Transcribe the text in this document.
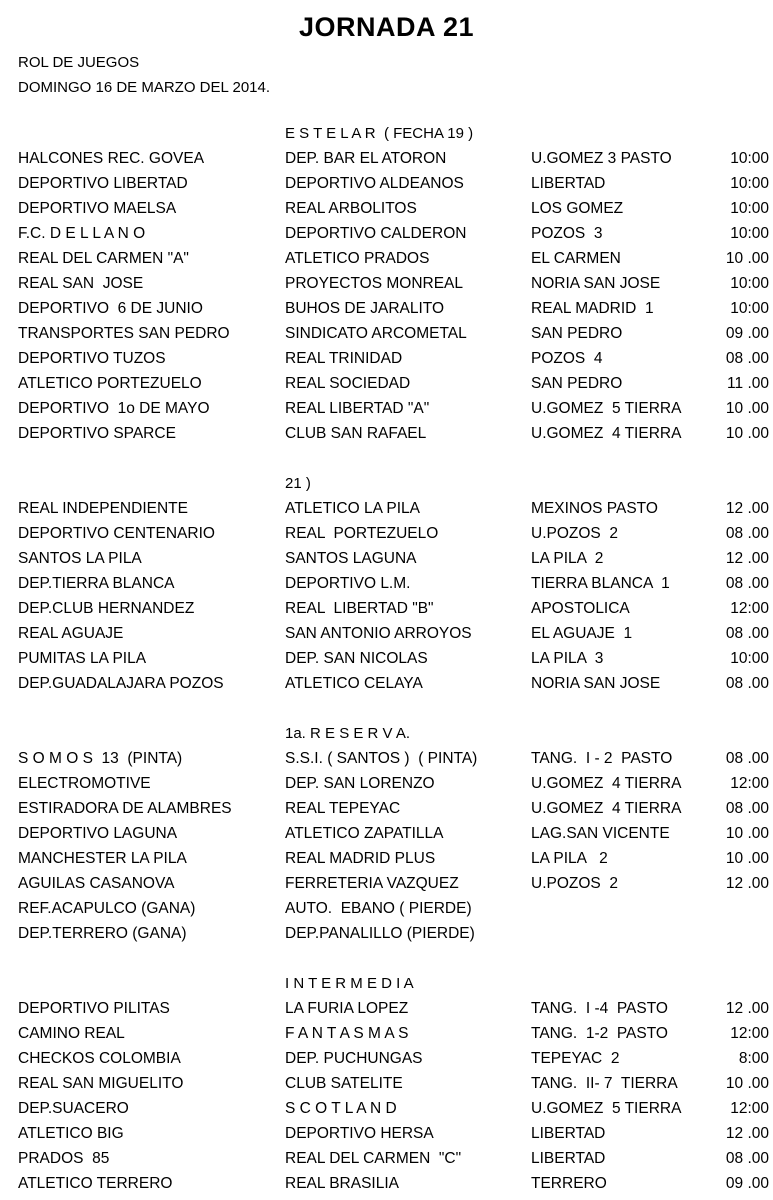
JORNADA 21
ROL DE JUEGOS
DOMINGO 16 DE MARZO DEL 2014.
E S T E L A R  ( FECHA 19 )
HALCONES REC. GOVEA	DEP. BAR EL ATORON	U.GOMEZ 3 PASTO	10:00
DEPORTIVO LIBERTAD	DEPORTIVO ALDEANOS	LIBERTAD	10:00
DEPORTIVO MAELSA	REAL ARBOLITOS	LOS GOMEZ	10:00
F.C. D E L L A N O	DEPORTIVO CALDERON	POZOS  3	10:00
REAL DEL CARMEN "A"	ATLETICO PRADOS	EL CARMEN	10 .00
REAL SAN  JOSE	PROYECTOS MONREAL	NORIA SAN JOSE	10:00
DEPORTIVO  6 DE JUNIO	BUHOS DE JARALITO	REAL MADRID  1	10:00
TRANSPORTES SAN PEDRO	SINDICATO ARCOMETAL	SAN PEDRO	09 .00
DEPORTIVO TUZOS	REAL TRINIDAD	POZOS  4	08 .00
ATLETICO PORTEZUELO	REAL SOCIEDAD	SAN PEDRO	11 .00
DEPORTIVO  1o DE MAYO	REAL LIBERTAD "A"	U.GOMEZ  5 TIERRA	10 .00
DEPORTIVO SPARCE	CLUB SAN RAFAEL	U.GOMEZ  4 TIERRA	10 .00
21 )
REAL INDEPENDIENTE	ATLETICO LA PILA	MEXINOS PASTO	12 .00
DEPORTIVO CENTENARIO	REAL  PORTEZUELO	U.POZOS  2	08 .00
SANTOS LA PILA	SANTOS LAGUNA	LA PILA  2	12 .00
DEP.TIERRA BLANCA	DEPORTIVO L.M.	TIERRA BLANCA  1	08 .00
DEP.CLUB HERNANDEZ	REAL  LIBERTAD "B"	APOSTOLICA	12:00
REAL AGUAJE	SAN ANTONIO ARROYOS	EL AGUAJE  1	08 .00
PUMITAS LA PILA	DEP. SAN NICOLAS	LA PILA  3	10:00
DEP.GUADALAJARA POZOS	ATLETICO CELAYA	NORIA SAN JOSE	08 .00
1a. R E S E R V A.
S O M O S  13  (PINTA)	S.S.I. ( SANTOS )  ( PINTA)	TANG.  I - 2  PASTO	08 .00
ELECTROMOTIVE	DEP. SAN LORENZO	U.GOMEZ  4 TIERRA	12:00
ESTIRADORA DE ALAMBRES	REAL TEPEYAC	U.GOMEZ  4 TIERRA	08 .00
DEPORTIVO LAGUNA	ATLETICO ZAPATILLA	LAG.SAN VICENTE	10 .00
MANCHESTER LA PILA	REAL MADRID PLUS	LA PILA   2	10 .00
AGUILAS CASANOVA	FERRETERIA VAZQUEZ	U.POZOS  2	12 .00
REF.ACAPULCO (GANA)	AUTO.  EBANO ( PIERDE)
DEP.TERRERO (GANA)	DEP.PANALILLO (PIERDE)
I N T E R M E D I A
DEPORTIVO PILITAS	LA FURIA LOPEZ	TANG.  I -4  PASTO	12 .00
CAMINO REAL	F A N T A S M A S	TANG.  1-2  PASTO	12:00
CHECKOS COLOMBIA	DEP. PUCHUNGAS	TEPEYAC  2	8:00
REAL SAN MIGUELITO	CLUB SATELITE	TANG.  II- 7  TIERRA	10 .00
DEP.SUACERO	S C O T L A N D	U.GOMEZ  5 TIERRA	12:00
ATLETICO BIG	DEPORTIVO HERSA	LIBERTAD	12 .00
PRADOS  85	REAL DEL CARMEN  "C"	LIBERTAD	08 .00
ATLETICO TERRERO	REAL BRASILIA	TERRERO	09 .00
